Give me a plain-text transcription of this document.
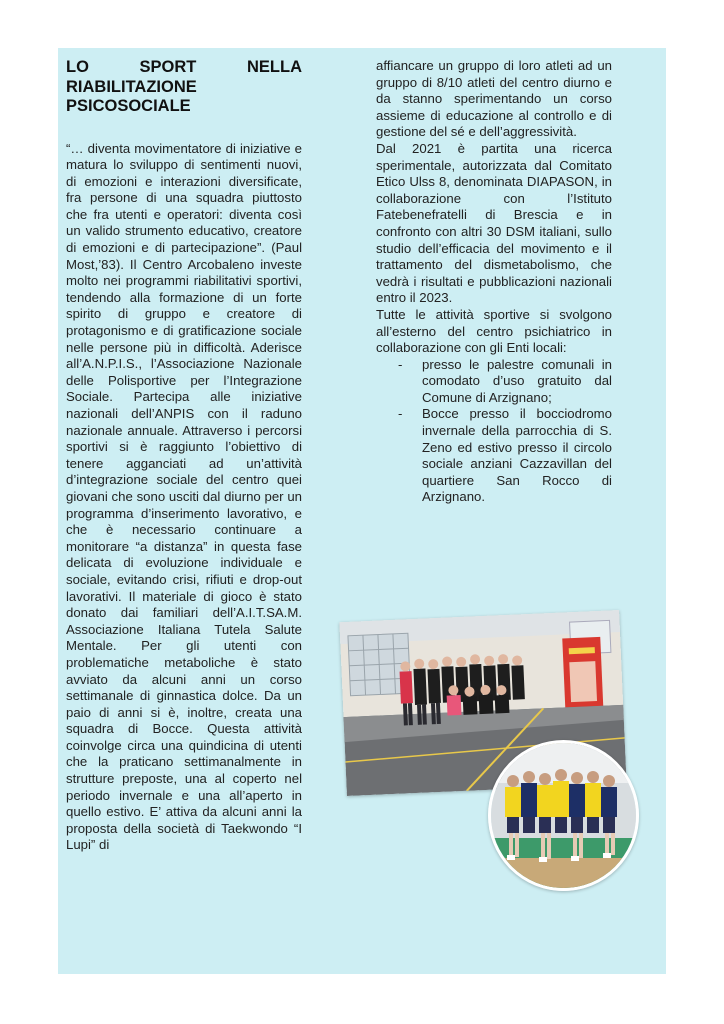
LO SPORT NELLA RIABILITAZIONE PSICOSOCIALE

“… diventa movimentatore di iniziative e matura lo sviluppo di sentimenti nuovi, di emozioni e interazioni diversificate, fra persone di una squadra piuttosto che fra utenti e operatori: diventa così un valido strumento educativo, creatore di emozioni e di partecipazione”. (Paul Most,’83). Il Centro Arcobaleno investe molto nei programmi riabilitativi sportivi, tendendo alla formazione di un forte spirito di gruppo e creatore di protagonismo e di gratificazione sociale nelle persone più in difficoltà. Aderisce all’A.N.P.I.S., l’Associazione Nazionale delle Polisportive per l’Integrazione Sociale. Partecipa alle iniziative nazionali dell’ANPIS con il raduno nazionale annuale. Attraverso i percorsi sportivi si è raggiunto l’obiettivo di tenere agganciati ad un’attività d’integrazione sociale del centro quei giovani che sono usciti dal diurno per un programma d’inserimento lavorativo, e che è necessario continuare a monitorare “a distanza” in questa fase delicata di evoluzione individuale e sociale, evitando crisi, rifiuti e drop-out lavorativi. Il materiale di gioco è stato donato dai familiari dell’A.I.T.SA.M. Associazione Italiana Tutela Salute Mentale. Per gli utenti con problematiche metaboliche è stato avviato da alcuni anni un corso settimanale di ginnastica dolce. Da un paio di anni si è, inoltre, creata una squadra di Bocce. Questa attività coinvolge circa una quindicina di utenti che la praticano settimanalmente in strutture preposte, una al coperto nel periodo invernale e una all’aperto in quello estivo. E’ attiva da alcuni anni la proposta della società di Taekwondo “I Lupi” di

affiancare un gruppo di loro atleti ad un gruppo di 8/10 atleti del centro diurno e da stanno sperimentando un corso assieme di educazione al controllo e di gestione del sé e dell’aggressività.

Dal 2021 è partita una ricerca sperimentale, autorizzata dal Comitato Etico Ulss 8, denominata DIAPASON, in collaborazione con l’Istituto Fatebenefratelli di Brescia e in confronto con altri 30 DSM italiani, sullo studio dell’efficacia del movimento e il trattamento del dismetabolismo, che vedrà i risultati e pubblicazioni nazionali entro il 2023.

Tutte le attività sportive si svolgono all’esterno del centro psichiatrico in collaborazione con gli Enti locali:

- presso le palestre comunali in comodato d’uso gratuito dal Comune di Arzignano;
- Bocce presso il bocciodromo invernale della parrocchia di S. Zeno ed estivo presso il circolo sociale anziani Cazzavillan del quartiere San Rocco di Arzignano.
